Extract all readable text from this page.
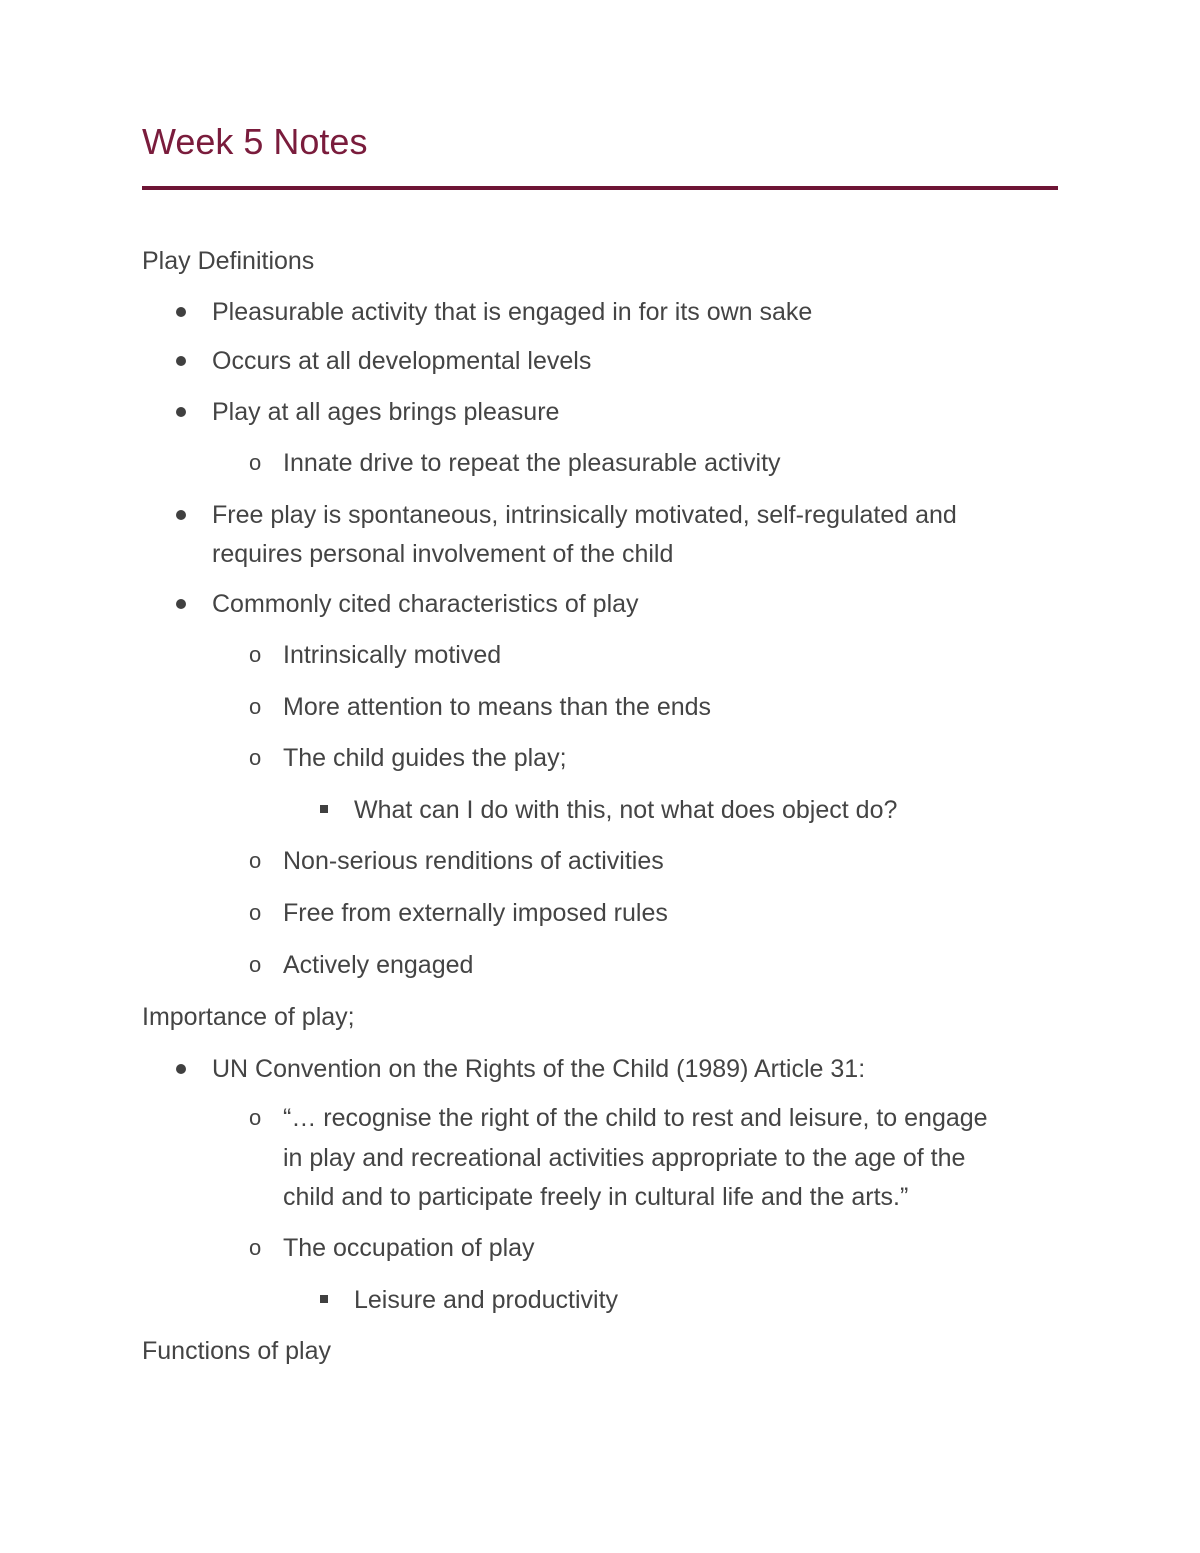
Week 5 Notes
Play Definitions
Pleasurable activity that is engaged in for its own sake
Occurs at all developmental levels
Play at all ages brings pleasure
o Innate drive to repeat the pleasurable activity
Free play is spontaneous, intrinsically motivated, self-regulated and
requires personal involvement of the child
Commonly cited characteristics of play
o Intrinsically motived
o More attention to means than the ends
o The child guides the play;
What can I do with this, not what does object do?
o Non-serious renditions of activities
o Free from externally imposed rules
o Actively engaged
Importance of play;
UN Convention on the Rights of the Child (1989) Article 31:
o “… recognise the right of the child to rest and leisure, to engage
in play and recreational activities appropriate to the age of the
child and to participate freely in cultural life and the arts.”
o The occupation of play
Leisure and productivity
Functions of play
